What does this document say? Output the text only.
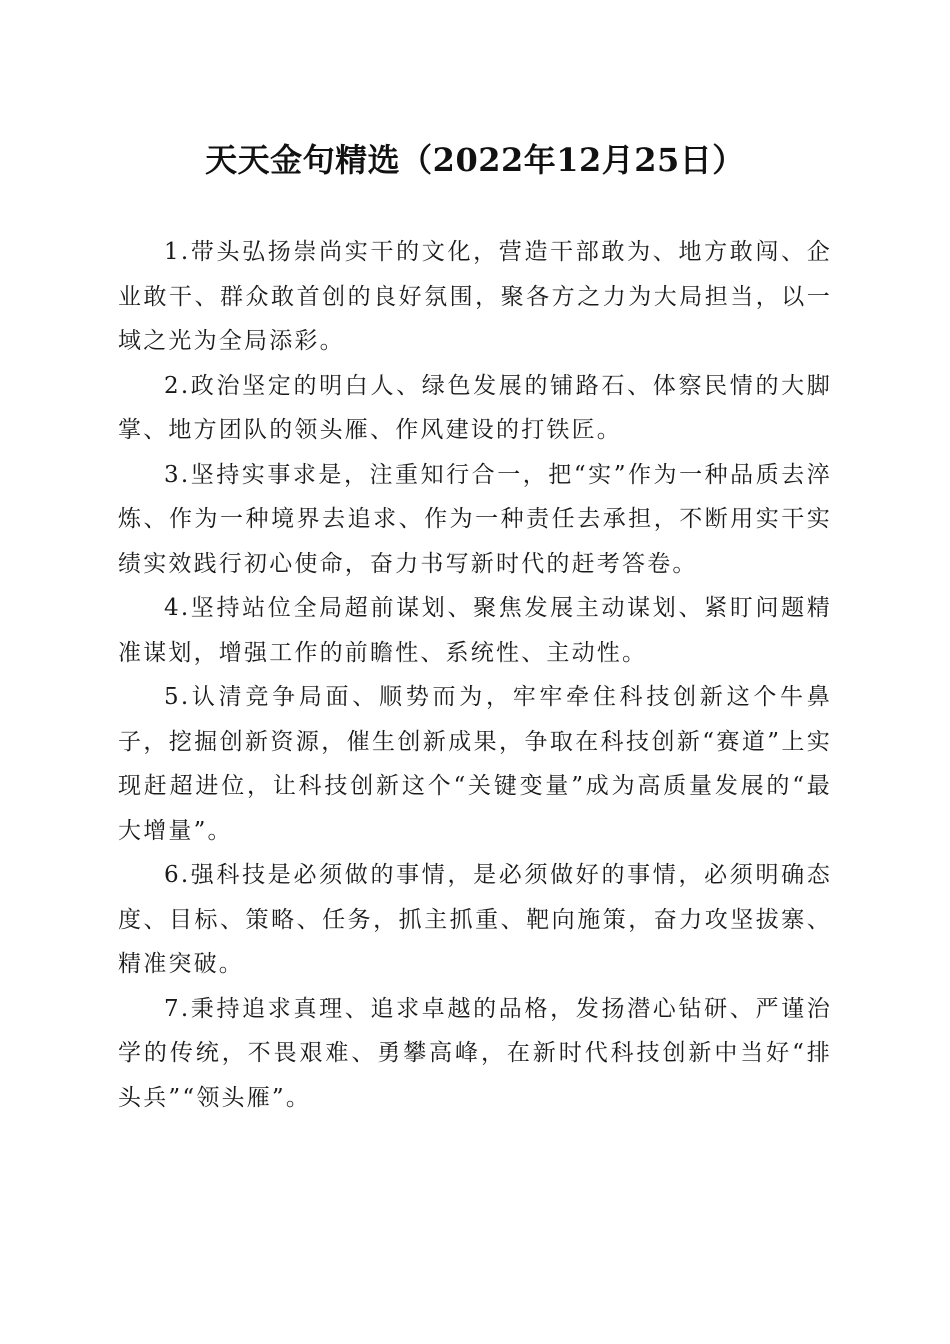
天天金句精选（2022年12月25日）

1.带头弘扬崇尚实干的文化，营造干部敢为、地方敢闯、企业敢干、群众敢首创的良好氛围，聚各方之力为大局担当，以一域之光为全局添彩。

2.政治坚定的明白人、绿色发展的铺路石、体察民情的大脚掌、地方团队的领头雁、作风建设的打铁匠。

3.坚持实事求是，注重知行合一，把“实”作为一种品质去淬炼、作为一种境界去追求、作为一种责任去承担，不断用实干实绩实效践行初心使命，奋力书写新时代的赶考答卷。

4.坚持站位全局超前谋划、聚焦发展主动谋划、紧盯问题精准谋划，增强工作的前瞻性、系统性、主动性。

5.认清竞争局面、顺势而为，牢牢牵住科技创新这个牛鼻子，挖掘创新资源，催生创新成果，争取在科技创新“赛道”上实现赶超进位，让科技创新这个“关键变量”成为高质量发展的“最大增量”。

6.强科技是必须做的事情，是必须做好的事情，必须明确态度、目标、策略、任务，抓主抓重、靶向施策，奋力攻坚拔寨、精准突破。

7.秉持追求真理、追求卓越的品格，发扬潜心钻研、严谨治学的传统，不畏艰难、勇攀高峰，在新时代科技创新中当好“排头兵”“领头雁”。
